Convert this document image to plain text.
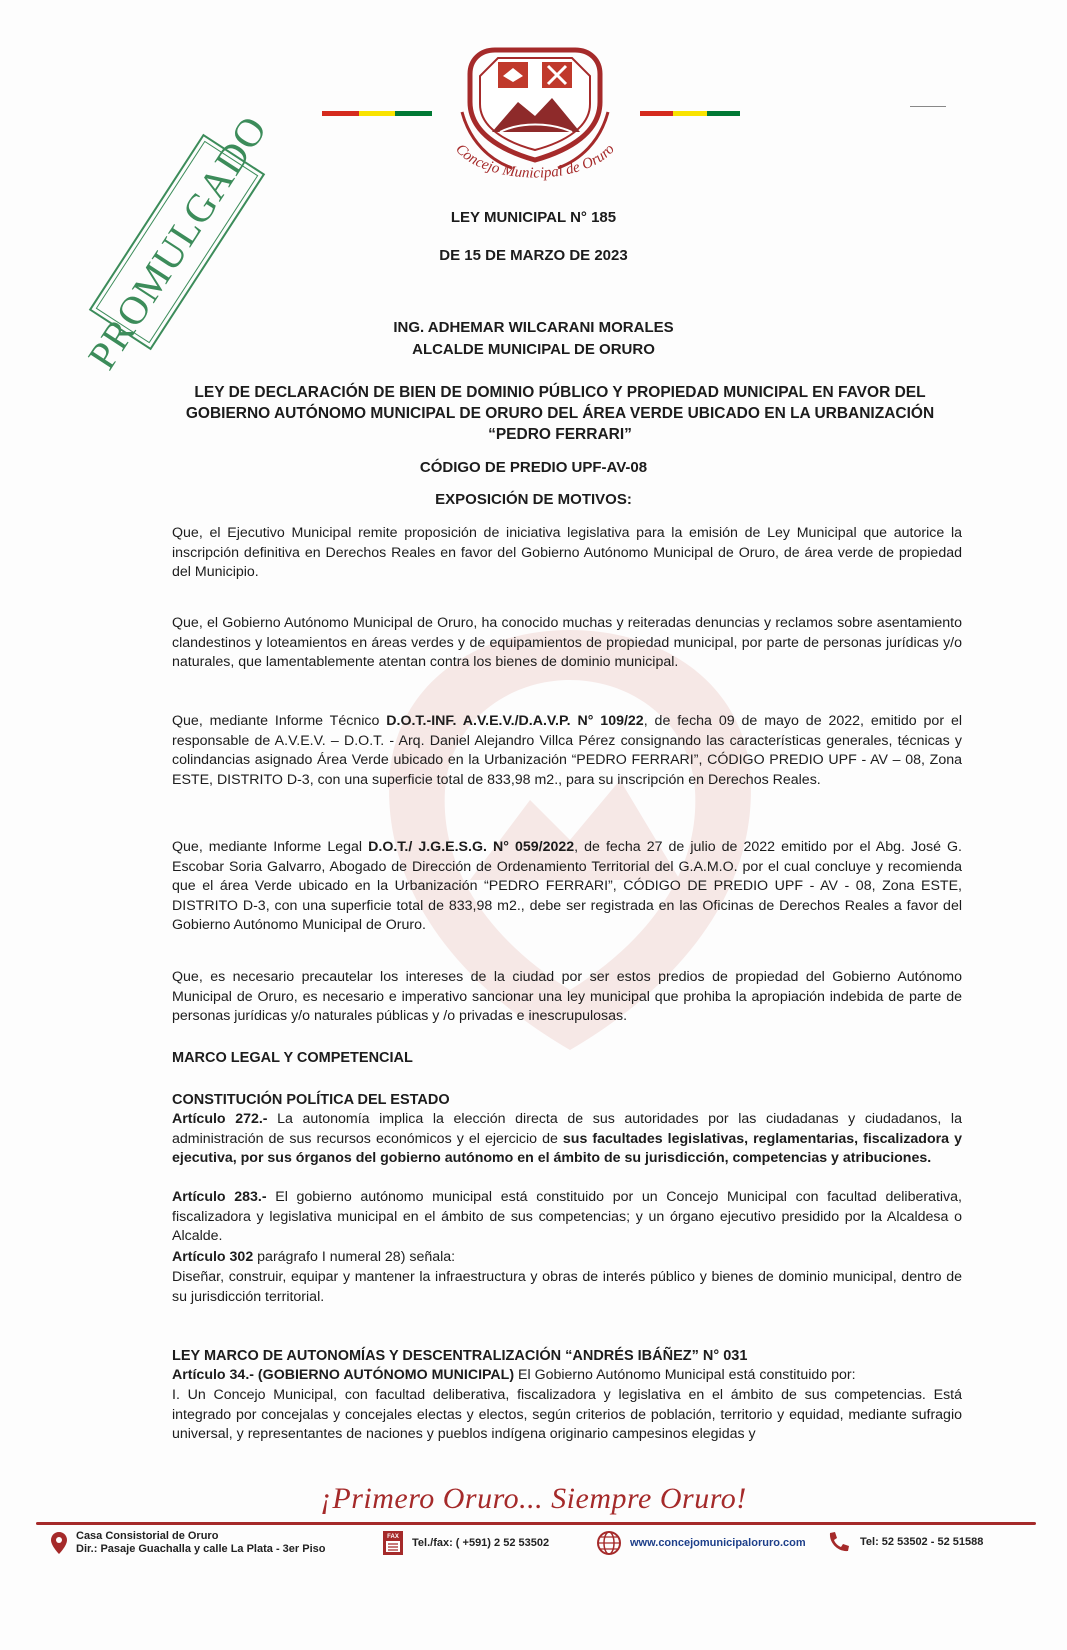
Concejo Municipal de Oruro
PROMULGADO	LEY MUNICIPAL N° 185
DE 15 DE MARZO DE 2023
ING. ADHEMAR WILCARANI MORALES
ALCALDE MUNICIPAL DE ORURO
LEY DE DECLARACIÓN DE BIEN DE DOMINIO PÚBLICO Y PROPIEDAD MUNICIPAL EN FAVOR DEL
GOBIERNO AUTÓNOMO MUNICIPAL DE ORURO DEL ÁREA VERDE UBICADO EN LA URBANIZACIÓN
“PEDRO FERRARI”
CÓDIGO DE PREDIO UPF-AV-08
EXPOSICIÓN DE MOTIVOS:

Que, el Ejecutivo Municipal remite proposición de iniciativa legislativa para la emisión de Ley Municipal que autorice la inscripción definitiva en Derechos Reales en favor del Gobierno Autónomo Municipal de Oruro, de área verde de propiedad del Municipio.

Que, el Gobierno Autónomo Municipal de Oruro, ha conocido muchas y reiteradas denuncias y reclamos sobre asentamiento clandestinos y loteamientos en áreas verdes y de equipamientos de propiedad municipal, por parte de personas jurídicas y/o naturales, que lamentablemente atentan contra los bienes de dominio municipal.

Que, mediante Informe Técnico D.O.T.-INF. A.V.E.V./D.A.V.P. N° 109/22, de fecha 09 de mayo de 2022, emitido por el responsable de A.V.E.V. – D.O.T. - Arq. Daniel Alejandro Villca Pérez consignando las características generales, técnicas y colindancias asignado Área Verde ubicado en la Urbanización “PEDRO FERRARI”, CÓDIGO PREDIO UPF - AV – 08, Zona ESTE, DISTRITO D-3, con una superficie total de 833,98 m2., para su inscripción en Derechos Reales.

Que, mediante Informe Legal D.O.T./ J.G.E.S.G. N° 059/2022, de fecha 27 de julio de 2022 emitido por el Abg. José G. Escobar Soria Galvarro, Abogado de Dirección de Ordenamiento Territorial del G.A.M.O. por el cual concluye y recomienda que el área Verde ubicado en la Urbanización “PEDRO FERRARI”, CÓDIGO DE PREDIO UPF - AV - 08, Zona ESTE, DISTRITO D-3, con una superficie total de 833,98 m2., debe ser registrada en las Oficinas de Derechos Reales a favor del Gobierno Autónomo Municipal de Oruro.

Que, es necesario precautelar los intereses de la ciudad por ser estos predios de propiedad del Gobierno Autónomo Municipal de Oruro, es necesario e imperativo sancionar una ley municipal que prohiba la apropiación indebida de parte de personas jurídicas y/o naturales públicas y /o privadas e inescrupulosas.

MARCO LEGAL Y COMPETENCIAL
CONSTITUCIÓN POLÍTICA DEL ESTADO

Artículo 272.- La autonomía implica la elección directa de sus autoridades por las ciudadanas y ciudadanos, la administración de sus recursos económicos y el ejercicio de sus facultades legislativas, reglamentarias, fiscalizadora y ejecutiva, por sus órganos del gobierno autónomo en el ámbito de su jurisdicción, competencias y atribuciones.

Artículo 283.- El gobierno autónomo municipal está constituido por un Concejo Municipal con facultad deliberativa, fiscalizadora y legislativa municipal en el ámbito de sus competencias; y un órgano ejecutivo presidido por la Alcaldesa o Alcalde.

Artículo 302 parágrafo I numeral 28) señala:

Diseñar, construir, equipar y mantener la infraestructura y obras de interés público y bienes de dominio municipal, dentro de su jurisdicción territorial.

LEY MARCO DE AUTONOMÍAS Y DESCENTRALIZACIÓN “ANDRÉS IBÁÑEZ” N° 031

Artículo 34.- (GOBIERNO AUTÓNOMO MUNICIPAL) El Gobierno Autónomo Municipal está constituido por:

I. Un Concejo Municipal, con facultad deliberativa, fiscalizadora y legislativa en el ámbito de sus competencias. Está integrado por concejalas y concejales electas y electos, según criterios de población, territorio y equidad, mediante sufragio universal, y representantes de naciones y pueblos indígena originario campesinos elegidas y

¡Primero Oruro... Siempre Oruro!
Casa Consistorial de Oruro
Dir.: Pasaje Guachalla y calle La Plata - 3er Piso
FAX Tel./fax: ( +591) 2 52 53502	www.concejomunicipaloruro.com	Tel: 52 53502 - 52 51588
